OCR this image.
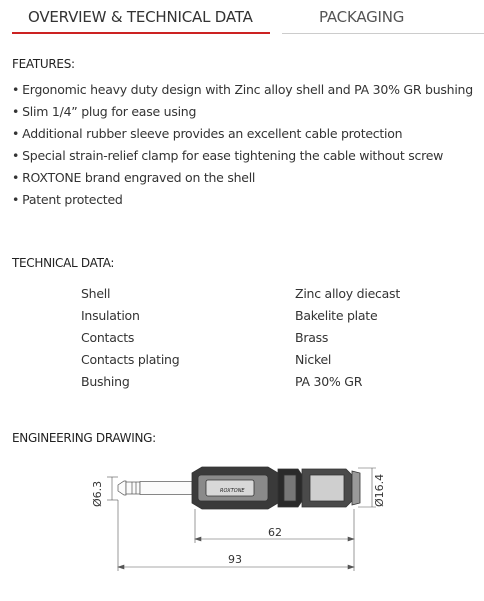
OVERVIEW & TECHNICAL DATA	PACKAGING
FEATURES:
• Ergonomic heavy duty design with Zinc alloy shell and PA 30% GR bushing
• Slim 1/4” plug for ease using
• Additional rubber sleeve provides an excellent cable protection
• Special strain-relief clamp for ease tightening the cable without screw
• ROXTONE brand engraved on the shell
• Patent protected
TECHNICAL DATA:
Shell	Zinc alloy diecast
Insulation	Bakelite plate
Contacts	Brass
Contacts plating	Nickel
Bushing	PA 30% GR
ENGINEERING DRAWING:
Ø6.3	ROXTONE	Ø16.4
62
93
